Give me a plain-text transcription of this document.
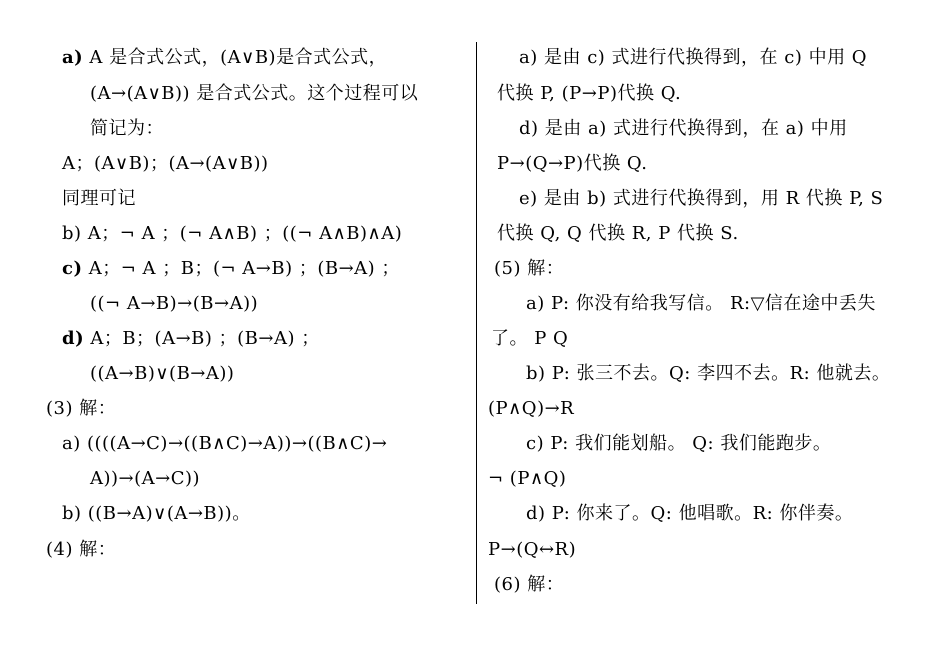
a) A 是合式公式，(A∨B)是合式公式，
(A→(A∨B)) 是合式公式。这个过程可以
简记为：
A；(A∨B)；(A→(A∨B))
同理可记
b) A；¬ A ；(¬ A∧B) ；((¬ A∧B)∧A)
c) A；¬ A ；B；(¬ A→B) ；(B→A) ；
((¬ A→B)→(B→A))
d) A；B；(A→B) ；(B→A) ；
((A→B)∨(B→A))
(3) 解：
a) ((((A→C)→((B∧C)→A))→((B∧C)→
A))→(A→C))
b) ((B→A)∨(A→B))。
(4) 解：
a) 是由 c) 式进行代换得到，在 c) 中用 Q
代换 P, (P→P)代换 Q.
d) 是由 a) 式进行代换得到，在 a) 中用
P→(Q→P)代换 Q.
e) 是由 b) 式进行代换得到，用 R 代换 P, S
代换 Q, Q 代换 R, P 代换 S.
(5) 解：
a) P: 你没有给我写信。 R:▽信在途中丢失
了。 P Q
b) P: 张三不去。Q: 李四不去。R: 他就去。
(P∧Q)→R
c) P: 我们能划船。 Q: 我们能跑步。
¬ (P∧Q)
d) P: 你来了。Q: 他唱歌。R: 你伴奏。
P→(Q↔R)
(6) 解：
